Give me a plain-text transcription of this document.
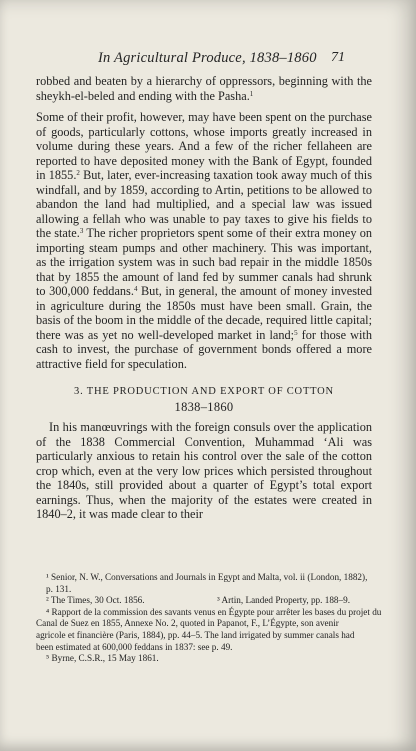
In Agricultural Produce, 1838–1860 71

robbed and beaten by a hierarchy of oppressors, beginning with the sheykh-el-beled and ending with the Pasha.$^1$

Some of their profit, however, may have been spent on the purchase of goods, particularly cottons, whose imports greatly increased in volume during these years. And a few of the richer fellaheen are reported to have deposited money with the Bank of Egypt, founded in 1855.$^2$ But, later, ever-increasing taxation took away much of this windfall, and by 1859, according to Artin, petitions to be allowed to abandon the land had multiplied, and a special law was issued allowing a fellah who was unable to pay taxes to give his fields to the state.$^3$ The richer proprietors spent some of their extra money on importing steam pumps and other machinery. This was important, as the irrigation system was in such bad repair in the middle 1850s that by 1855 the amount of land fed by summer canals had shrunk to 300,000 feddans.$^4$ But, in general, the amount of money invested in agriculture during the 1850s must have been small. Grain, the basis of the boom in the middle of the decade, required little capital; there was as yet no well-developed market in land;$^5$ for those with cash to invest, the purchase of government bonds offered a more attractive field for speculation.

3. THE PRODUCTION AND EXPORT OF COTTON
1838–1860

In his manœuvrings with the foreign consuls over the application of the 1838 Commercial Convention, Muhammad ‘Ali was particularly anxious to retain his control over the sale of the cotton crop which, even at the very low prices which persisted throughout the 1840s, still provided about a quarter of Egypt’s total export earnings. Thus, when the majority of the estates were created in 1840–2, it was made clear to their

¹ Senior, N. W., Conversations and Journals in Egypt and Malta, vol. ii (London, 1882), p. 131.
² The Times, 30 Oct. 1856.	³ Artin, Landed Property, pp. 188–9.
⁴ Rapport de la commission des savants venus en Égypte pour arrêter les bases du projet du
Canal de Suez en 1855, Annexe No. 2, quoted in Papanot, F., L’Égypte, son avenir
agricole et financière (Paris, 1884), pp. 44–5. The land irrigated by summer canals had
been estimated at 600,000 feddans in 1837: see p. 49.
⁵ Byrne, C.S.R., 15 May 1861.
